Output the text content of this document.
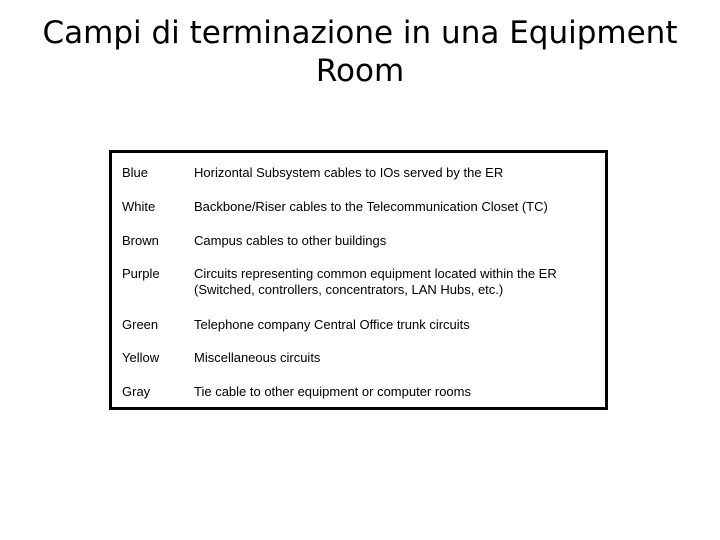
Campi di terminazione in una Equipment
Room
Blue	Horizontal Subsystem cables to IOs served by the ER
White	Backbone/Riser cables to the Telecommunication Closet (TC)
Brown	Campus cables to other buildings
Purple	Circuits representing common equipment located within the ER (Switched, controllers, concentrators, LAN Hubs, etc.)
Green	Telephone company Central Office trunk circuits
Yellow	Miscellaneous circuits
Gray	Tie cable to other equipment or computer rooms
